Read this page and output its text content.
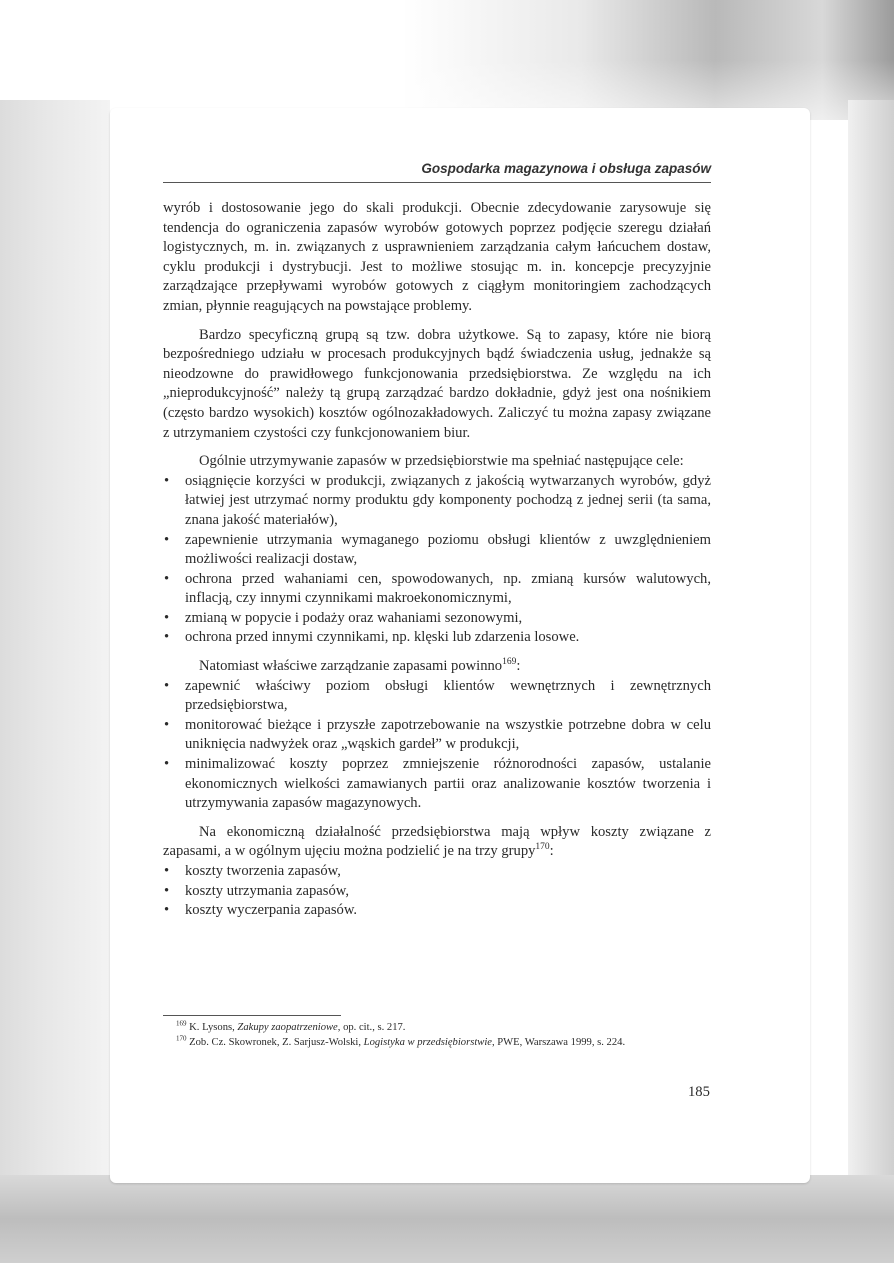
Gospodarka magazynowa i obsługa zapasów

wyrób i dostosowanie jego do skali produkcji. Obecnie zdecydowanie zarysowuje się tendencja do ograniczenia zapasów wyrobów gotowych poprzez podjęcie szeregu działań logistycznych, m. in. związanych z usprawnieniem zarządzania całym łańcuchem dostaw, cyklu produkcji i dystrybucji. Jest to możliwe stosując m. in. koncepcje precyzyjnie zarządzające przepływami wyrobów gotowych z ciągłym monitoringiem zachodzących zmian, płynnie reagujących na powstające problemy.

Bardzo specyficzną grupą są tzw. dobra użytkowe. Są to zapasy, które nie biorą bezpośredniego udziału w procesach produkcyjnych bądź świadczenia usług, jednakże są nieodzowne do prawidłowego funkcjonowania przedsiębiorstwa. Ze względu na ich „nieprodukcyjność” należy tą grupą zarządzać bardzo dokładnie, gdyż jest ona nośnikiem (często bardzo wysokich) kosztów ogólnozakładowych. Zaliczyć tu można zapasy związane z utrzymaniem czystości czy funkcjonowaniem biur.

Ogólnie utrzymywanie zapasów w przedsiębiorstwie ma spełniać następujące cele:

• osiągnięcie korzyści w produkcji, związanych z jakością wytwarzanych wyrobów, gdyż łatwiej jest utrzymać normy produktu gdy komponenty pochodzą z jednej serii (ta sama, znana jakość materiałów),
• zapewnienie utrzymania wymaganego poziomu obsługi klientów z uwzględnieniem możliwości realizacji dostaw,
• ochrona przed wahaniami cen, spowodowanych, np. zmianą kursów walutowych, inflacją, czy innymi czynnikami makroekonomicznymi,
• zmianą w popycie i podaży oraz wahaniami sezonowymi,
• ochrona przed innymi czynnikami, np. klęski lub zdarzenia losowe.

Natomiast właściwe zarządzanie zapasami powinno$^{169}$:

• zapewnić właściwy poziom obsługi klientów wewnętrznych i zewnętrznych przedsiębiorstwa,
• monitorować bieżące i przyszłe zapotrzebowanie na wszystkie potrzebne dobra w celu uniknięcia nadwyżek oraz „wąskich gardeł” w produkcji,
• minimalizować koszty poprzez zmniejszenie różnorodności zapasów, ustalanie ekonomicznych wielkości zamawianych partii oraz analizowanie kosztów tworzenia i utrzymywania zapasów magazynowych.

Na ekonomiczną działalność przedsiębiorstwa mają wpływ koszty związane z zapasami, a w ogólnym ujęciu można podzielić je na trzy grupy$^{170}$:

• koszty tworzenia zapasów,
• koszty utrzymania zapasów,
• koszty wyczerpania zapasów.

$^{169}$ K. Lysons, Zakupy zaopatrzeniowe, op. cit., s. 217.

$^{170}$ Zob. Cz. Skowronek, Z. Sarjusz-Wolski, Logistyka w przedsiębiorstwie, PWE, Warszawa 1999, s. 224.

185
